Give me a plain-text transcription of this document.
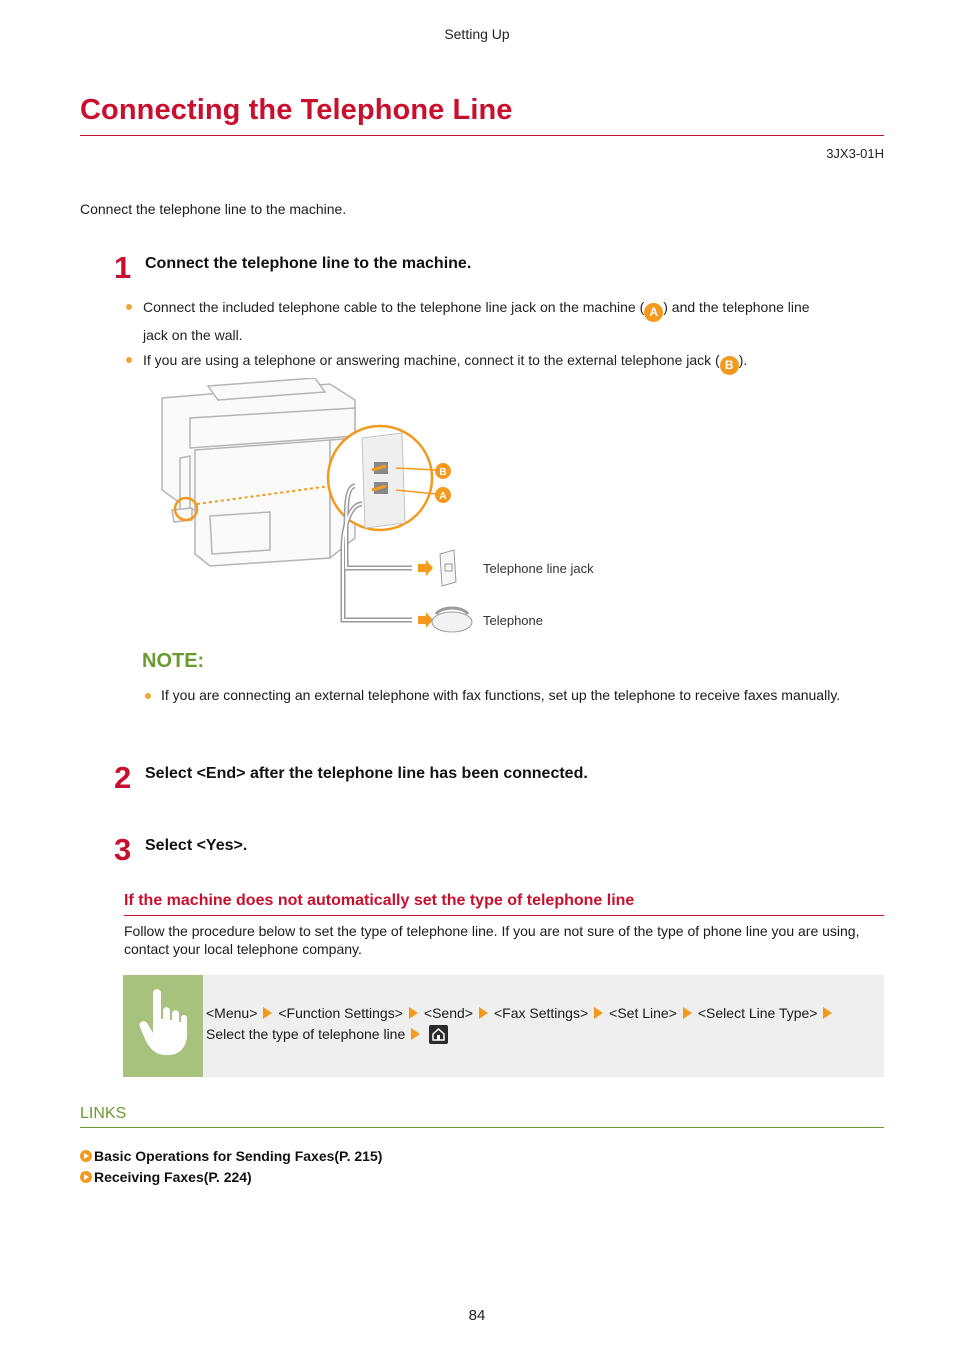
Setting Up
Connecting the Telephone Line
3JX3-01H
Connect the telephone line to the machine.
1 Connect the telephone line to the machine.
Connect the included telephone cable to the telephone line jack on the machine ( A ) and the telephone line
jack on the wall.
If you are using a telephone or answering machine, connect it to the external telephone jack ( B ).
B
A
Telephone line jack
Telephone
NOTE:
If you are connecting an external telephone with fax functions, set up the telephone to receive faxes manually.
2 Select <End> after the telephone line has been connected.
3 Select <Yes>.
If the machine does not automatically set the type of telephone line
Follow the procedure below to set the type of telephone line. If you are not sure of the type of phone line you are using, contact your local telephone company.
<Menu> <Function Settings> <Send> <Fax Settings> <Set Line> <Select Line Type>
Select the type of telephone line
LINKS
Basic Operations for Sending Faxes(P. 215)
Receiving Faxes(P. 224)
84
